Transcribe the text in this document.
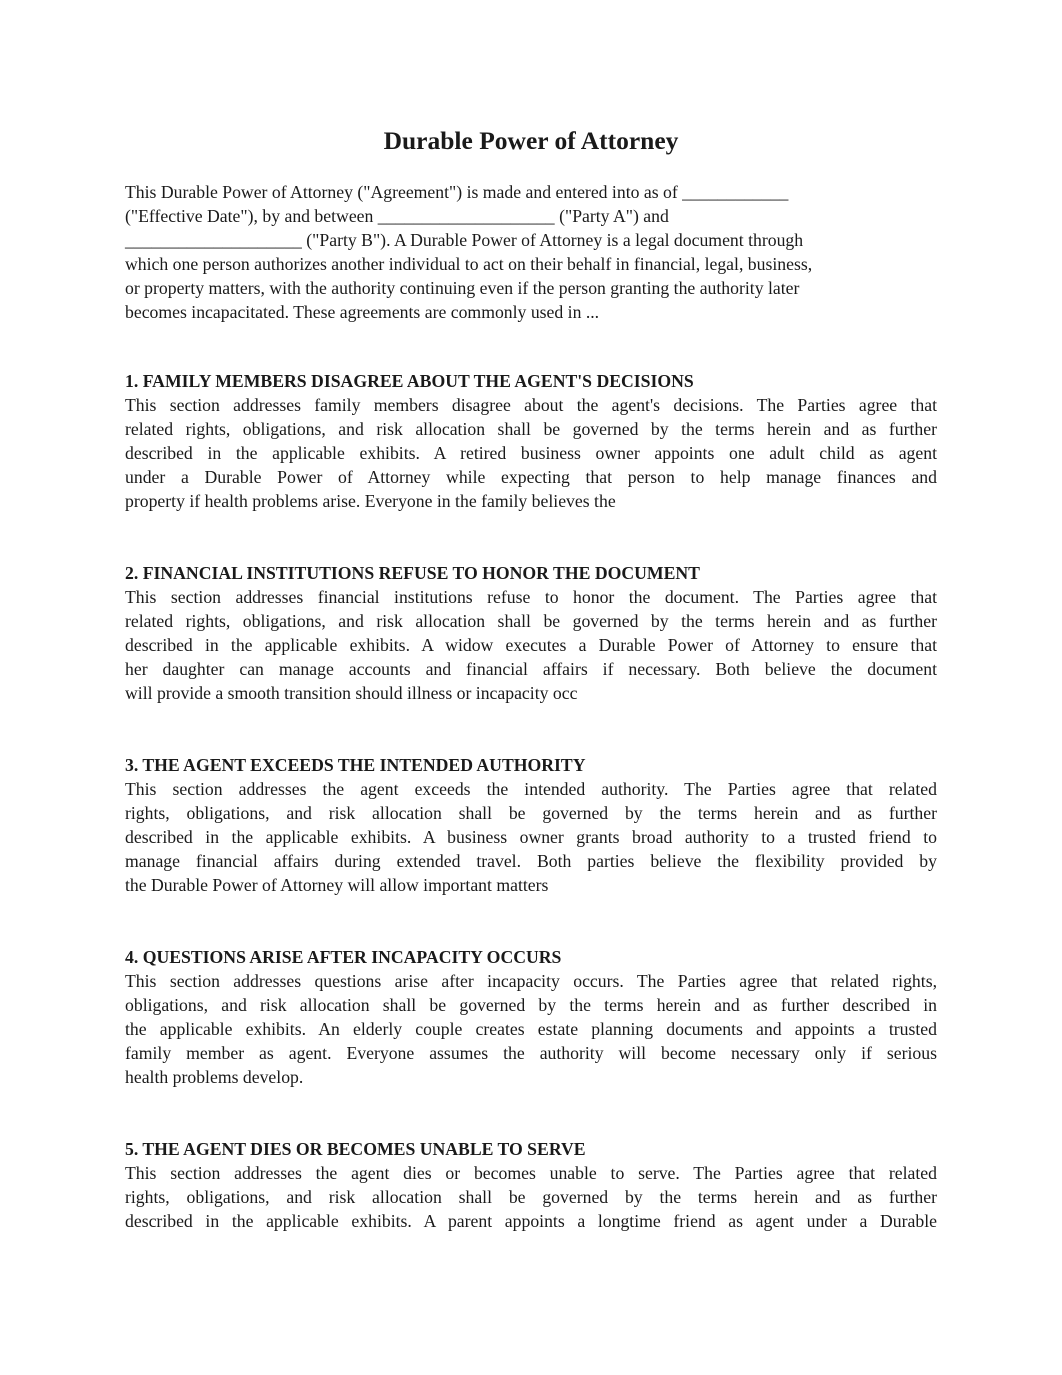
Durable Power of Attorney
This Durable Power of Attorney ("Agreement") is made and entered into as of ____________
("Effective Date"), by and between ____________________ ("Party A") and
____________________ ("Party B"). A Durable Power of Attorney is a legal document through
which one person authorizes another individual to act on their behalf in financial, legal, business,
or property matters, with the authority continuing even if the person granting the authority later
becomes incapacitated. These agreements are commonly used in ...
1. FAMILY MEMBERS DISAGREE ABOUT THE AGENT'S DECISIONS
This section addresses family members disagree about the agent's decisions. The Parties agree that
related rights, obligations, and risk allocation shall be governed by the terms herein and as further
described in the applicable exhibits. A retired business owner appoints one adult child as agent
under a Durable Power of Attorney while expecting that person to help manage finances and
property if health problems arise. Everyone in the family believes the
2. FINANCIAL INSTITUTIONS REFUSE TO HONOR THE DOCUMENT
This section addresses financial institutions refuse to honor the document. The Parties agree that
related rights, obligations, and risk allocation shall be governed by the terms herein and as further
described in the applicable exhibits. A widow executes a Durable Power of Attorney to ensure that
her daughter can manage accounts and financial affairs if necessary. Both believe the document
will provide a smooth transition should illness or incapacity occ
3. THE AGENT EXCEEDS THE INTENDED AUTHORITY
This section addresses the agent exceeds the intended authority. The Parties agree that related
rights, obligations, and risk allocation shall be governed by the terms herein and as further
described in the applicable exhibits. A business owner grants broad authority to a trusted friend to
manage financial affairs during extended travel. Both parties believe the flexibility provided by
the Durable Power of Attorney will allow important matters
4. QUESTIONS ARISE AFTER INCAPACITY OCCURS
This section addresses questions arise after incapacity occurs. The Parties agree that related rights,
obligations, and risk allocation shall be governed by the terms herein and as further described in
the applicable exhibits. An elderly couple creates estate planning documents and appoints a trusted
family member as agent. Everyone assumes the authority will become necessary only if serious
health problems develop.
5. THE AGENT DIES OR BECOMES UNABLE TO SERVE
This section addresses the agent dies or becomes unable to serve. The Parties agree that related
rights, obligations, and risk allocation shall be governed by the terms herein and as further
described in the applicable exhibits. A parent appoints a longtime friend as agent under a Durable
